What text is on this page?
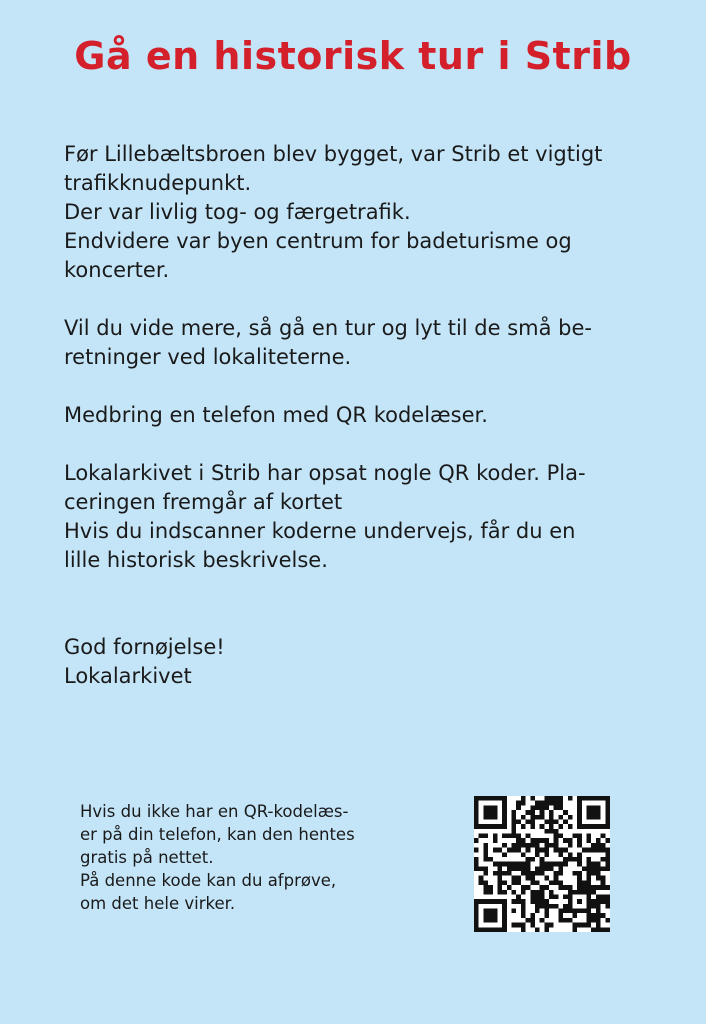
Gå en historisk tur i Strib

Før Lillebæltsbroen blev bygget, var Strib et vigtigt
trafikknudepunkt.
Der var livlig tog- og færgetrafik.
Endvidere var byen centrum for badeturisme og
koncerter.

Vil du vide mere, så gå en tur og lyt til de små be-
retninger ved lokaliteterne.

Medbring en telefon med QR kodelæser.

Lokalarkivet i Strib har opsat nogle QR koder. Pla-
ceringen fremgår af kortet
Hvis du indscanner koderne undervejs, får du en
lille historisk beskrivelse.

God fornøjelse!
Lokalarkivet

Hvis du ikke har en QR-kodelæs-
er på din telefon, kan den hentes
gratis på nettet.
På denne kode kan du afprøve,
om det hele virker.
